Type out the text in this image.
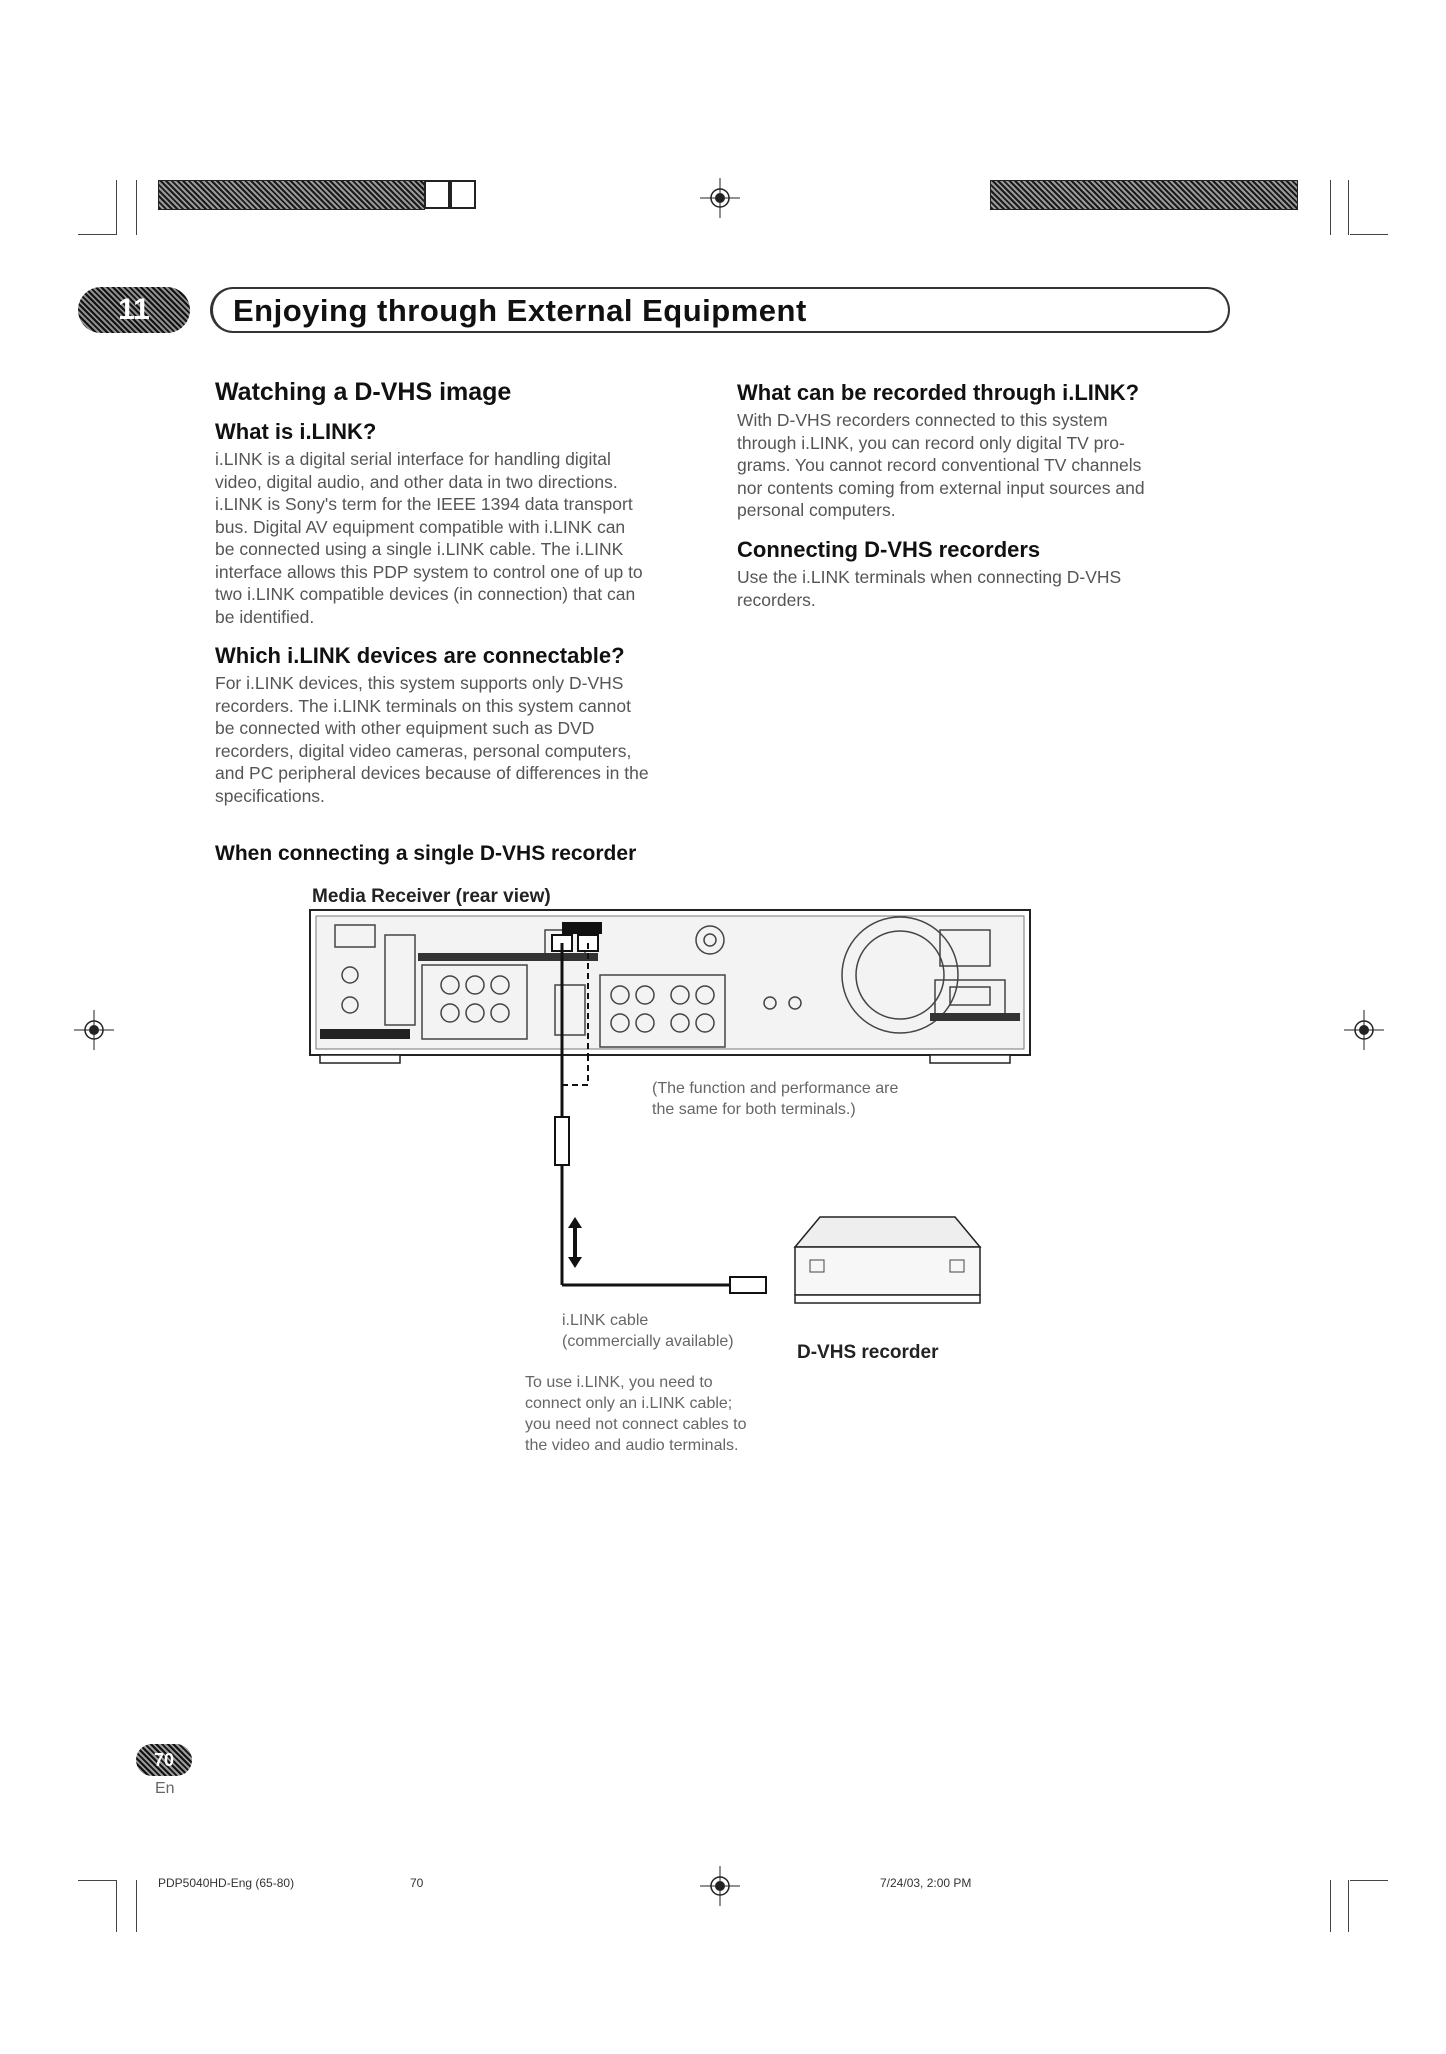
11	Enjoying through External Equipment
Watching a D-VHS image
What is i.LINK?

i.LINK is a digital serial interface for handling digital
video, digital audio, and other data in two directions.
i.LINK is Sony's term for the IEEE 1394 data transport
bus. Digital AV equipment compatible with i.LINK can
be connected using a single i.LINK cable. The i.LINK
interface allows this PDP system to control one of up to
two i.LINK compatible devices (in connection) that can
be identified.

Which i.LINK devices are connectable?

For i.LINK devices, this system supports only D-VHS
recorders. The i.LINK terminals on this system cannot
be connected with other equipment such as DVD
recorders, digital video cameras, personal computers,
and PC peripheral devices because of differences in the
specifications.

What can be recorded through i.LINK?

With D-VHS recorders connected to this system
through i.LINK, you can record only digital TV pro-
grams. You cannot record conventional TV channels
nor contents coming from external input sources and
personal computers.

Connecting D-VHS recorders

Use the i.LINK terminals when connecting D-VHS
recorders.

When connecting a single D-VHS recorder
Media Receiver (rear view)
(The function and performance are
the same for both terminals.)
i.LINK cable
(commercially available)
D-VHS recorder
To use i.LINK, you need to
connect only an i.LINK cable;
you need not connect cables to
the video and audio terminals.
70
En
PDP5040HD-Eng (65-80)	70	7/24/03, 2:00 PM
